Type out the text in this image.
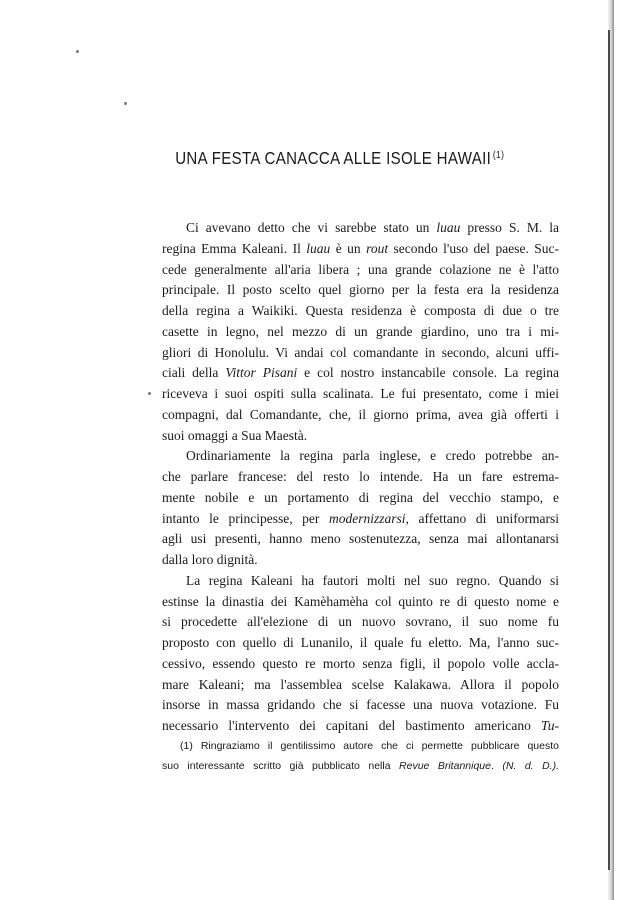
UNA FESTA CANACCA ALLE ISOLE HAWAII $^{(1)}$
Ci avevano detto che vi sarebbe stato un luau presso S. M. la
regina Emma Kaleani. Il luau è un rout secondo l'uso del paese. Suc-
cede generalmente all'aria libera ; una grande colazione ne è l'atto
principale. Il posto scelto quel giorno per la festa era la residenza
della regina a Waikiki. Questa residenza è composta di due o tre
casette in legno, nel mezzo di un grande giardino, uno tra i mi-
gliori di Honolulu. Vi andai col comandante in secondo, alcuni uffi-
ciali della Vittor Pisani e col nostro instancabile console. La regina
riceveva i suoi ospiti sulla scalinata. Le fui presentato, come i miei
compagni, dal Comandante, che, il giorno prima, avea già offerti i
suoi omaggi a Sua Maestà.
Ordinariamente la regina parla inglese, e credo potrebbe an-
che parlare francese: del resto lo intende. Ha un fare estrema-
mente nobile e un portamento di regina del vecchio stampo, e
intanto le principesse, per modernizzarsi, affettano di uniformarsi
agli usi presenti, hanno meno sostenutezza, senza mai allontanarsi
dalla loro dignità.
La regina Kaleani ha fautori molti nel suo regno. Quando si
estinse la dinastia dei Kamèhamèha col quinto re di questo nome e
si procedette all'elezione di un nuovo sovrano, il suo nome fu
proposto con quello di Lunanilo, il quale fu eletto. Ma, l'anno suc-
cessivo, essendo questo re morto senza figli, il popolo volle accla-
mare Kaleani; ma l'assemblea scelse Kalakawa. Allora il popolo
insorse in massa gridando che si facesse una nuova votazione. Fu
necessario l'intervento dei capitani del bastimento americano Tu-
(1) Ringraziamo il gentilissimo autore che ci permette pubblicare questo
suo interessante scritto già pubblicato nella Revue Britannique. (N. d. D.).
